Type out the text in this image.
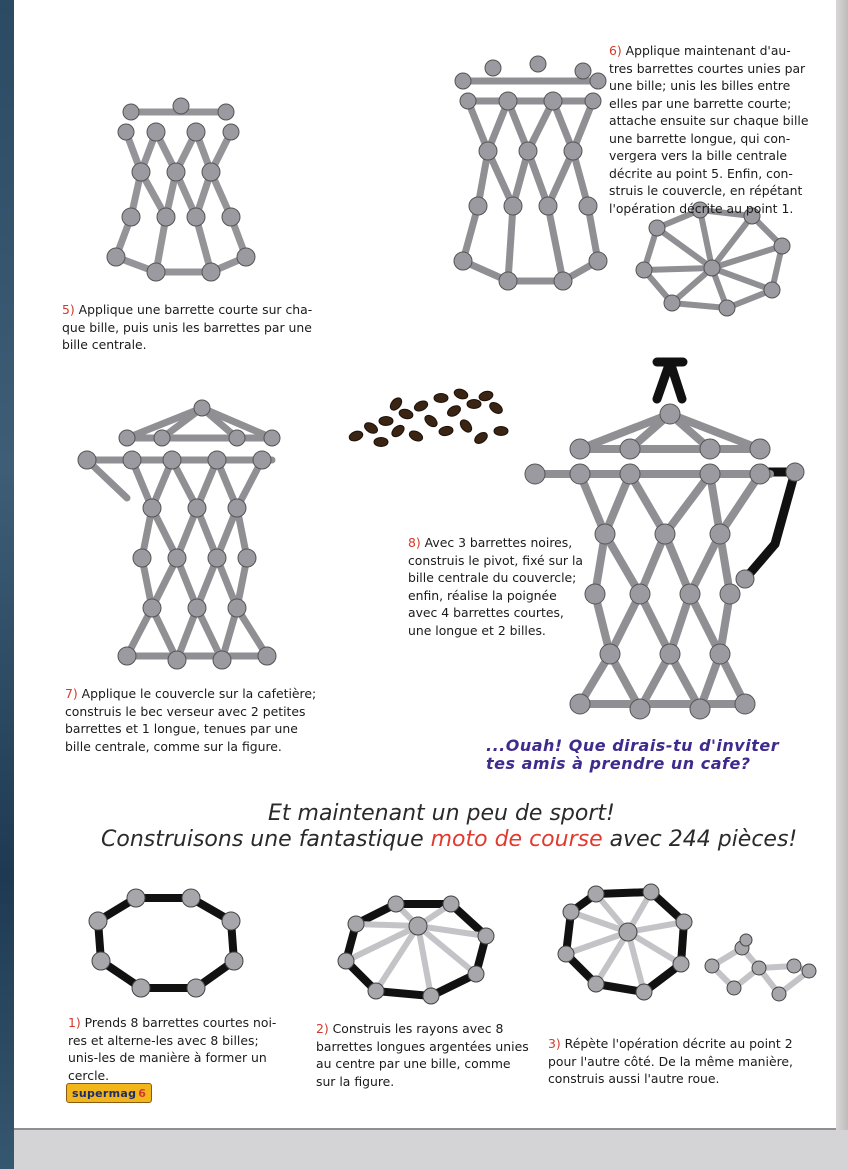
5) Applique une barrette courte sur cha-
que bille, puis unis les barrettes par une
bille centrale.
6) Applique maintenant d'au-
tres barrettes courtes unies par
une bille; unis les billes entre
elles par une barrette courte;
attache ensuite sur chaque bille
une barrette longue, qui con-
vergera vers la bille centrale
décrite au point 5. Enfin, con-
struis le couvercle, en répétant
l'opération décrite au point 1.
7) Applique le couvercle sur la cafetière;
construis le bec verseur avec 2 petites
barrettes et 1 longue, tenues par une
bille centrale, comme sur la figure.
8) Avec 3 barrettes noires,
construis le pivot, fixé sur la
bille centrale du couvercle;
enfin, réalise la poignée
avec 4 barrettes courtes,
une longue et 2 billes.
...Ouah! Que dirais-tu d'inviter
tes amis à prendre un cafe?
Et maintenant un peu de sport!
Construisons une fantastique moto de course avec 244 pièces!
1) Prends 8 barrettes courtes noi-
res et alterne-les avec 8 billes;
unis-les de manière à former un
cercle.
2) Construis les rayons avec 8
barrettes longues argentées unies
au centre par une bille, comme
sur la figure.
3) Répète l'opération décrite au point 2
pour l'autre côté. De la même manière,
construis aussi l'autre roue.
supermag 6
